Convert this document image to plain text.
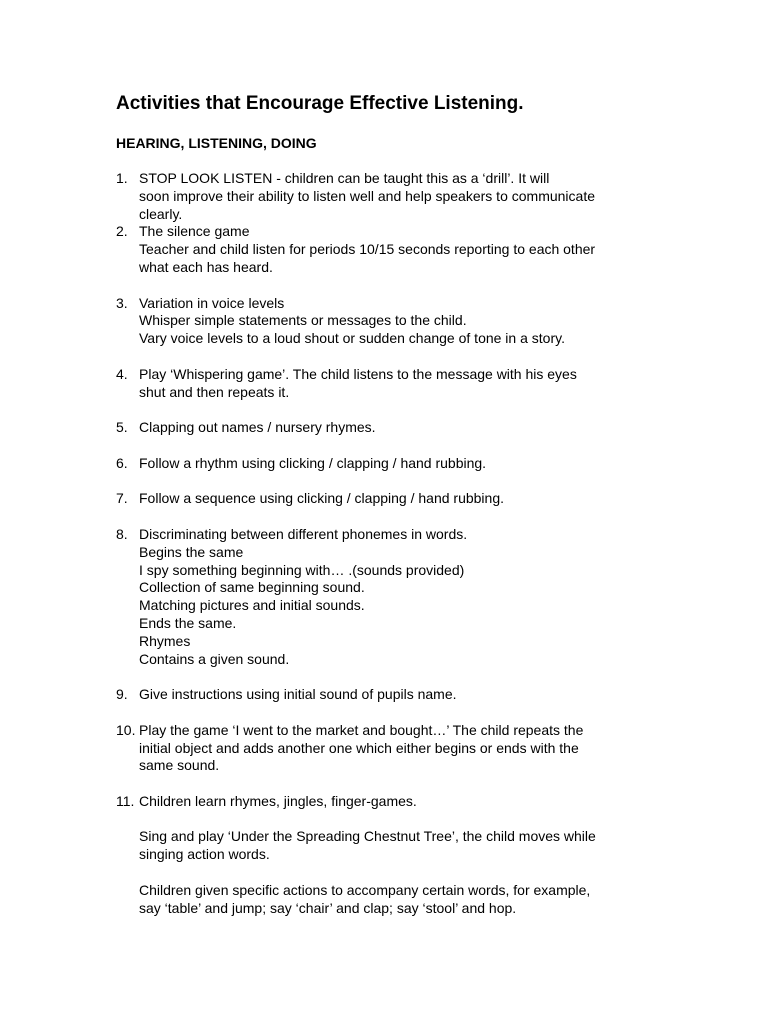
Activities that Encourage Effective Listening.
HEARING, LISTENING, DOING
1. STOP LOOK LISTEN - children can be taught this as a ‘drill’. It will
soon improve their ability to listen well and help speakers to communicate
clearly.
2. The silence game
Teacher and child listen for periods 10/15 seconds reporting to each other
what each has heard.
3. Variation in voice levels
Whisper simple statements or messages to the child.
Vary voice levels to a loud shout or sudden change of tone in a story.
4. Play ‘Whispering game’. The child listens to the message with his eyes
shut and then repeats it.
5. Clapping out names / nursery rhymes.
6. Follow a rhythm using clicking / clapping / hand rubbing.
7. Follow a sequence using clicking / clapping / hand rubbing.
8. Discriminating between different phonemes in words.
Begins the same
I spy something beginning with… .(sounds provided)
Collection of same beginning sound.
Matching pictures and initial sounds.
Ends the same.
Rhymes
Contains a given sound.
9. Give instructions using initial sound of pupils name.
10. Play the game ‘I went to the market and bought…’ The child repeats the
initial object and adds another one which either begins or ends with the
same sound.
11. Children learn rhymes, jingles, finger-games.
Sing and play ‘Under the Spreading Chestnut Tree’, the child moves while
singing action words.
Children given specific actions to accompany certain words, for example,
say ‘table’ and jump; say ‘chair’ and clap; say ‘stool’ and hop.
